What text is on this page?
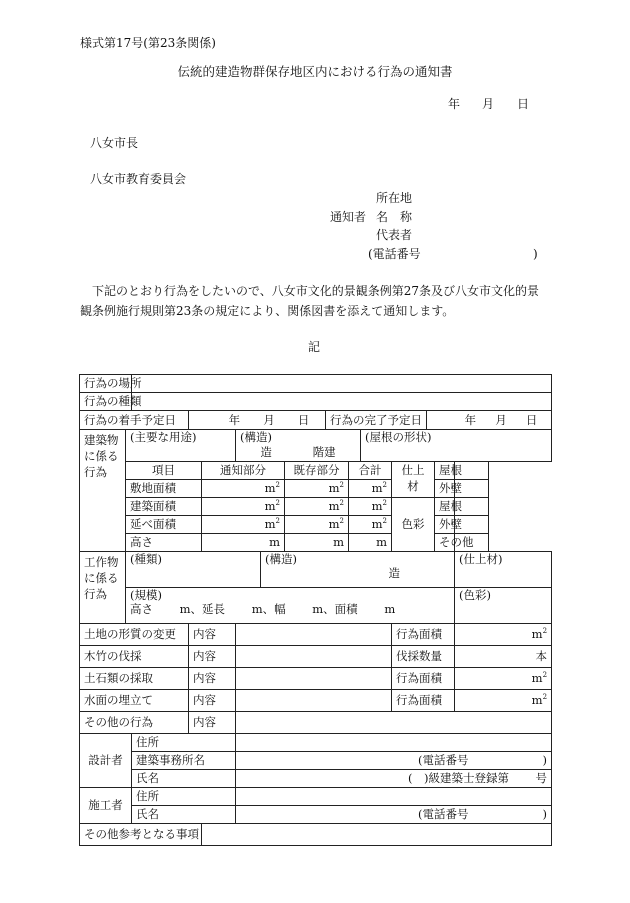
様式第17号(第23条関係)
伝統的建造物群保存地区内における行為の通知書
年 月 日
八女市長
八女市教育委員会
所在地
通知者 名　称
代表者
(電話番号	)
下記のとおり行為をしたいので、八女市文化的景観条例第27条及び八女市文化的景観条例施行規則第23条の規定により、関係図書を添えて通知します。
記
行為の場所														
行為の種類														
行為の着手予定日			年 月 日					行為の完了予定日				年 月 日		

建築物に係る行為	(主要な用途)				(構造)
造 階建					(屋根の形状)				
	項目			通知部分			既存部分		合計		仕上材		屋根	

	敷地面積			$m^2$			$m^2$		$m^2$				外壁	
	建築面積			$m^2$			$m^2$		$m^2$		色彩		屋根	
	延べ面積			$m^2$			$m^2$		$m^2$				外壁	
	高さ			m			m		m				その他	
工作物に係る行為	(種類)					(構造)
造								(仕上材)

	(規模)
高さ　　 m、延長　　 m、幅　　 m、面積　　 m													(色彩)
土地の形質の変更			内容								行為面積			$m^2$
木竹の伐採			内容								伐採数量			本
土石類の採取			内容								行為面積			$m^2$
水面の埋立て			内容								行為面積			$m^2$
その他の行為			内容											
設計者		住所												
		建築事務所名			(電話番号 )									

		氏名			(　 )級建築士登録第 号									

施工者		住所												
		氏名			(電話番号 )									

その他参考となる事項														
